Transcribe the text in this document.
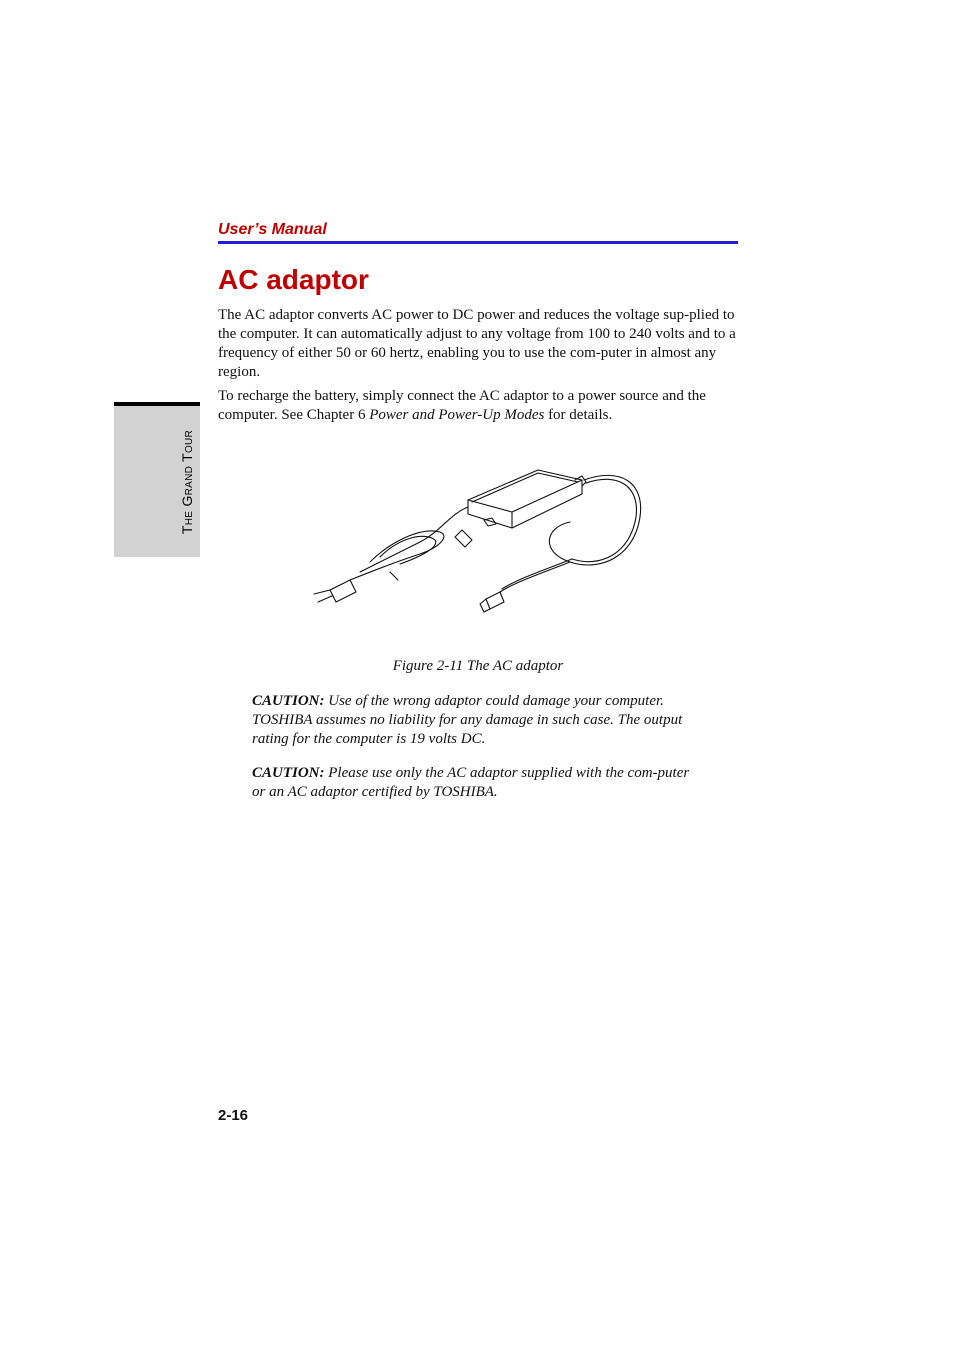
User’s Manual
The Grand Tour
AC adaptor

The AC adaptor converts AC power to DC power and reduces the voltage sup-plied to the computer. It can automatically adjust to any voltage from 100 to 240 volts and to a frequency of either 50 or 60 hertz, enabling you to use the com-puter in almost any region.

To recharge the battery, simply connect the AC adaptor to a power source and the computer. See Chapter 6 Power and Power-Up Modes for details.

Figure 2-11 The AC adaptor

CAUTION: Use of the wrong adaptor could damage your computer. TOSHIBA assumes no liability for any damage in such case. The output rating for the computer is 19 volts DC.

CAUTION: Please use only the AC adaptor supplied with the com-puter or an AC adaptor certified by TOSHIBA.

2-16
